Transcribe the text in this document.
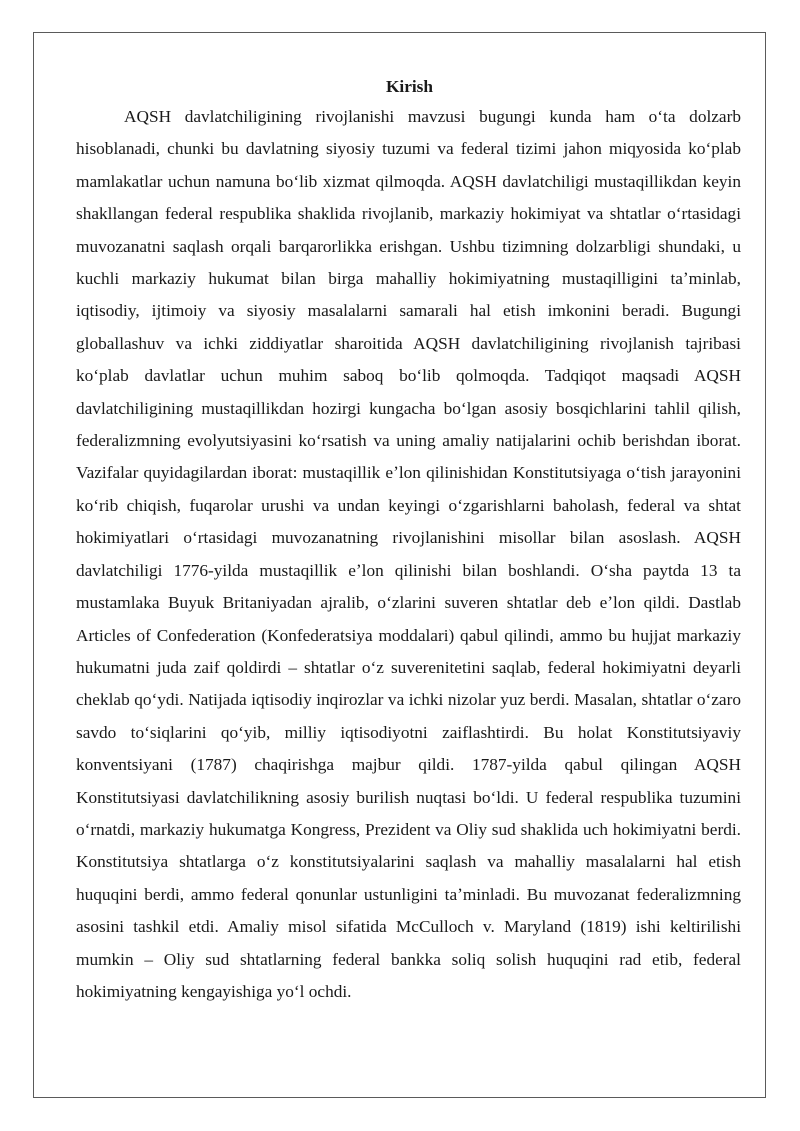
Kirish

AQSH davlatchiligining rivojlanishi mavzusi bugungi kunda ham oʻta dolzarb hisoblanadi, chunki bu davlatning siyosiy tuzumi va federal tizimi jahon miqyosida koʻplab mamlakatlar uchun namuna boʻlib xizmat qilmoqda. AQSH davlatchiligi mustaqillikdan keyin shakllangan federal respublika shaklida rivojlanib, markaziy hokimiyat va shtatlar oʻrtasidagi muvozanatni saqlash orqali barqarorlikka erishgan. Ushbu tizimning dolzarbligi shundaki, u kuchli markaziy hukumat bilan birga mahalliy hokimiyatning mustaqilligini taʼminlab, iqtisodiy, ijtimoiy va siyosiy masalalarni samarali hal etish imkonini beradi. Bugungi globallashuv va ichki ziddiyatlar sharoitida AQSH davlatchiligining rivojlanish tajribasi koʻplab davlatlar uchun muhim saboq boʻlib qolmoqda. Tadqiqot maqsadi AQSH davlatchiligining mustaqillikdan hozirgi kungacha boʻlgan asosiy bosqichlarini tahlil qilish, federalizmning evolyutsiyasini koʻrsatish va uning amaliy natijalarini ochib berishdan iborat. Vazifalar quyidagilardan iborat: mustaqillik eʼlon qilinishidan Konstitutsiyaga oʻtish jarayonini koʻrib chiqish, fuqarolar urushi va undan keyingi oʻzgarishlarni baholash, federal va shtat hokimiyatlari oʻrtasidagi muvozanatning rivojlanishini misollar bilan asoslash. AQSH davlatchiligi 1776-yilda mustaqillik eʼlon qilinishi bilan boshlandi. Oʻsha paytda 13 ta mustamlaka Buyuk Britaniyadan ajralib, oʻzlarini suveren shtatlar deb eʼlon qildi. Dastlab Articles of Confederation (Konfederatsiya moddalari) qabul qilindi, ammo bu hujjat markaziy hukumatni juda zaif qoldirdi – shtatlar oʻz suverenitetini saqlab, federal hokimiyatni deyarli cheklab qoʻydi. Natijada iqtisodiy inqirozlar va ichki nizolar yuz berdi. Masalan, shtatlar oʻzaro savdo toʻsiqlarini qoʻyib, milliy iqtisodiyotni zaiflashtirdi. Bu holat Konstitutsiyaviy konventsiyani (1787) chaqirishga majbur qildi. 1787-yilda qabul qilingan AQSH Konstitutsiyasi davlatchilikning asosiy burilish nuqtasi boʻldi. U federal respublika tuzumini oʻrnatdi, markaziy hukumatga Kongress, Prezident va Oliy sud shaklida uch hokimiyatni berdi. Konstitutsiya shtatlarga oʻz konstitutsiyalarini saqlash va mahalliy masalalarni hal etish huquqini berdi, ammo federal qonunlar ustunligini taʼminladi. Bu muvozanat federalizmning asosini tashkil etdi. Amaliy misol sifatida McCulloch v. Maryland (1819) ishi keltirilishi mumkin – Oliy sud shtatlarning federal bankka soliq solish huquqini rad etib, federal hokimiyatning kengayishiga yoʻl ochdi.
